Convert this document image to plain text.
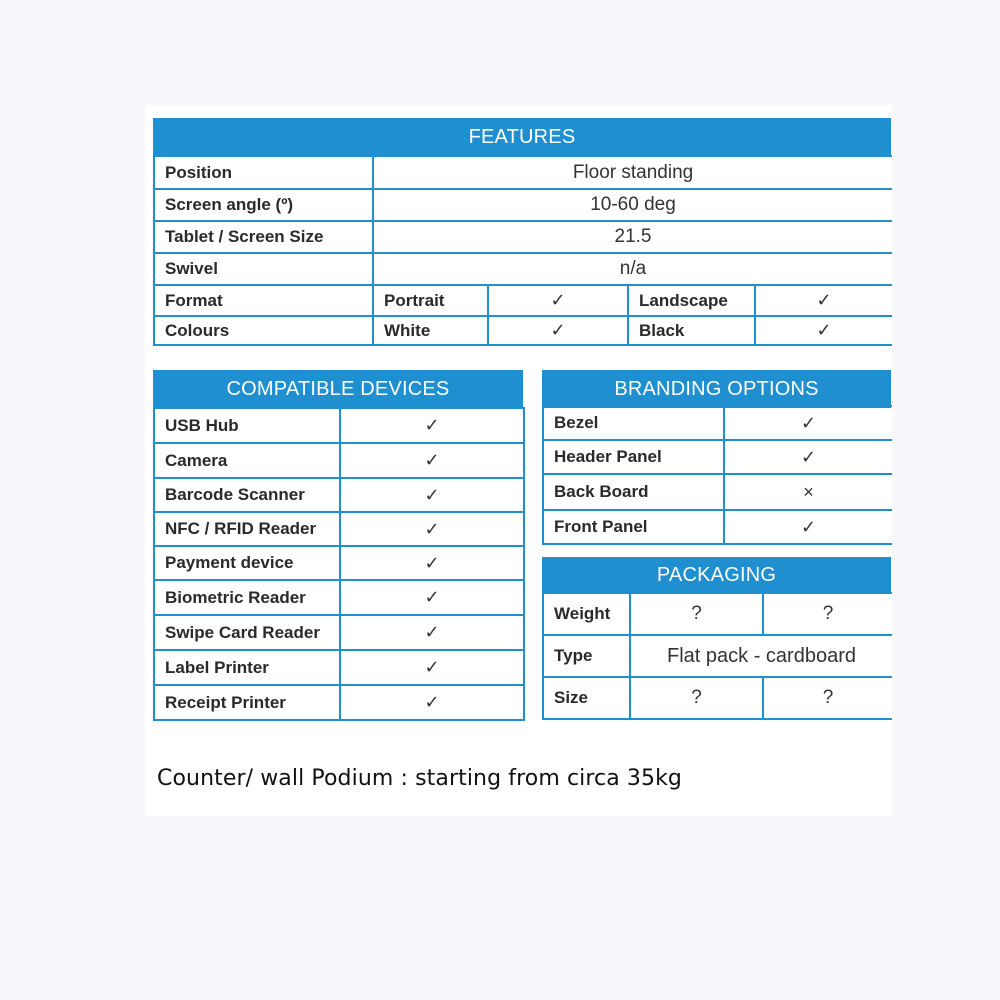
FEATURES
Position	Floor standing			
Screen angle (º)	10-60 deg			
Tablet / Screen Size	21.5			
Swivel	n/a			
Format	Portrait	✓	Landscape	✓
Colours	White	✓	Black	✓
COMPATIBLE DEVICES
USB Hub	✓
Camera	✓
Barcode Scanner	✓
NFC / RFID Reader	✓
Payment device	✓
Biometric Reader	✓
Swipe Card Reader	✓
Label Printer	✓
Receipt Printer	✓
BRANDING OPTIONS
Bezel	✓
Header Panel	✓
Back Board	×
Front Panel	✓
PACKAGING
Weight	?	?
Type	Flat pack - cardboard	
Size	?	?
Counter/ wall Podium : starting from circa 35kg
